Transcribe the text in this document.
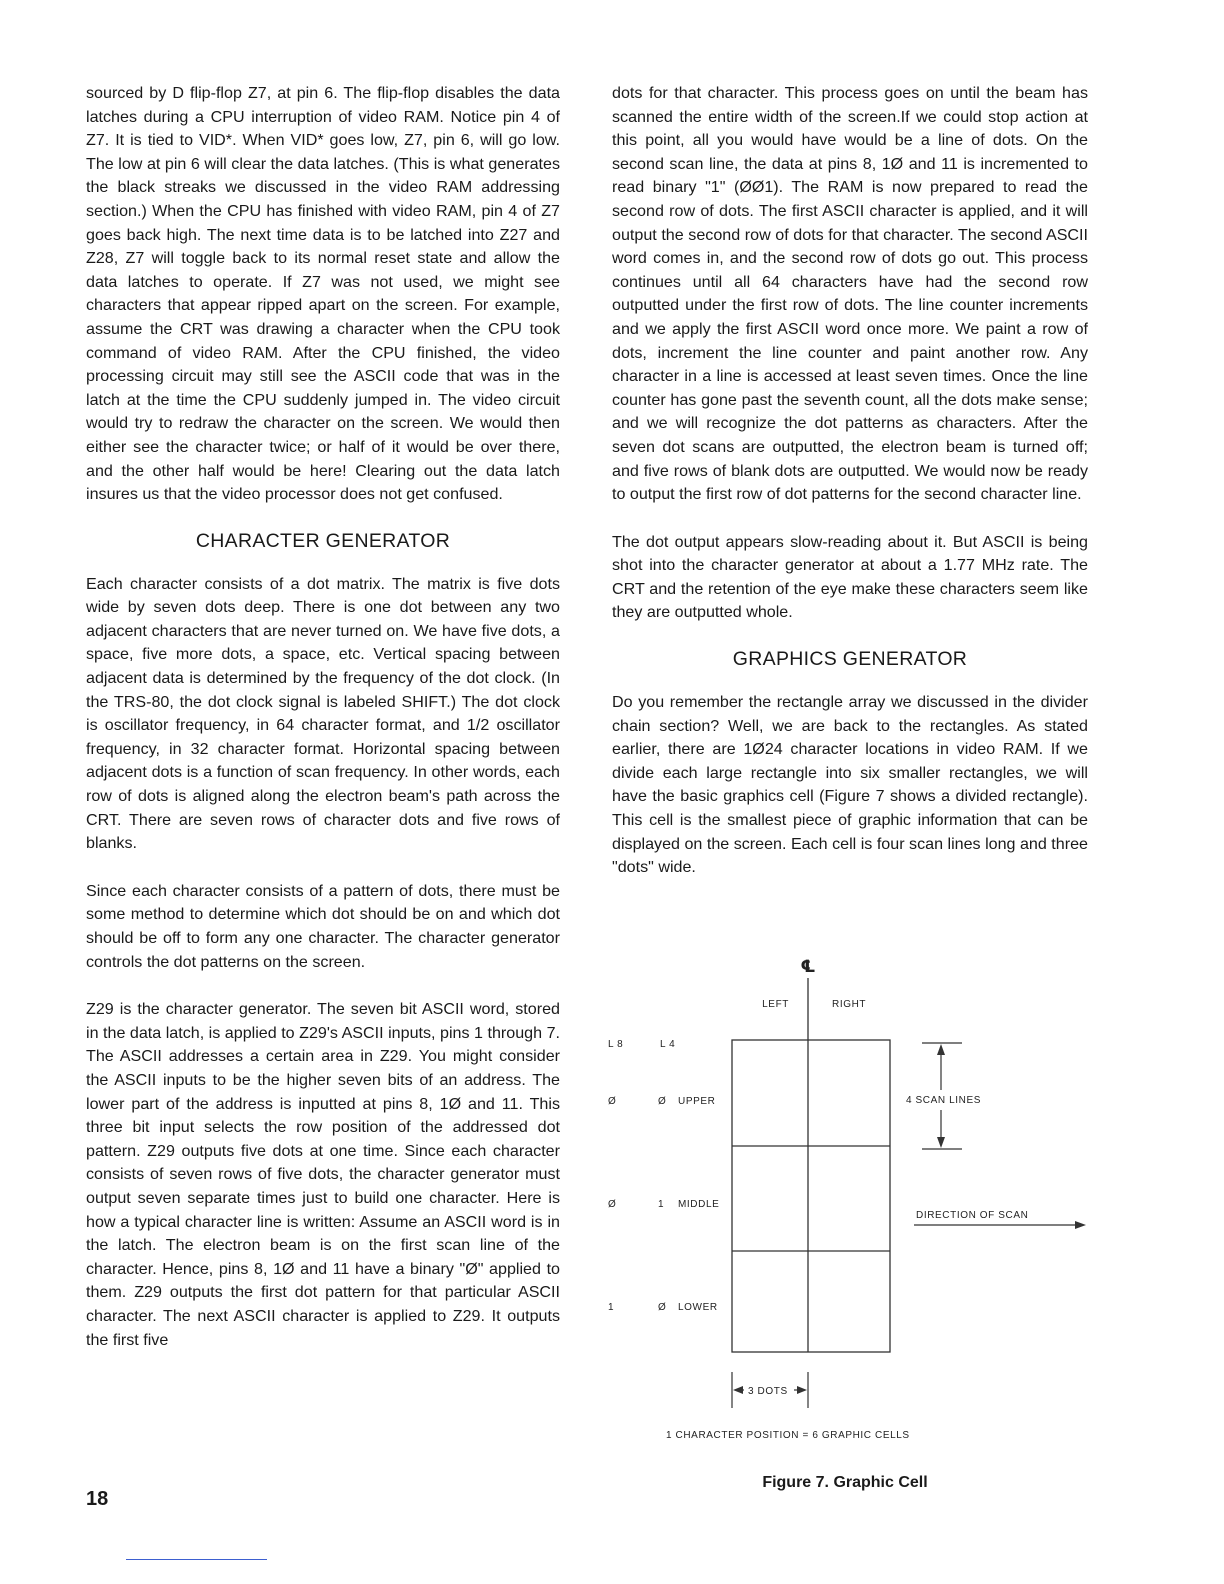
sourced by D flip-flop Z7, at pin 6. The flip-flop disables the data latches during a CPU interruption of video RAM. Notice pin 4 of Z7. It is tied to VID*. When VID* goes low, Z7, pin 6, will go low. The low at pin 6 will clear the data latches. (This is what generates the black streaks we discussed in the video RAM addressing section.) When the CPU has finished with video RAM, pin 4 of Z7 goes back high. The next time data is to be latched into Z27 and Z28, Z7 will toggle back to its normal reset state and allow the data latches to operate. If Z7 was not used, we might see characters that appear ripped apart on the screen. For example, assume the CRT was drawing a character when the CPU took command of video RAM. After the CPU finished, the video processing circuit may still see the ASCII code that was in the latch at the time the CPU suddenly jumped in. The video circuit would try to redraw the character on the screen. We would then either see the character twice; or half of it would be over there, and the other half would be here! Clearing out the data latch insures us that the video processor does not get confused.

CHARACTER GENERATOR

Each character consists of a dot matrix. The matrix is five dots wide by seven dots deep. There is one dot between any two adjacent characters that are never turned on. We have five dots, a space, five more dots, a space, etc. Vertical spacing between adjacent data is determined by the frequency of the dot clock. (In the TRS-80, the dot clock signal is labeled SHIFT.) The dot clock is oscillator frequency, in 64 character format, and 1/2 oscillator frequency, in 32 character format. Horizontal spacing between adjacent dots is a function of scan frequency. In other words, each row of dots is aligned along the electron beam's path across the CRT. There are seven rows of character dots and five rows of blanks.

Since each character consists of a pattern of dots, there must be some method to determine which dot should be on and which dot should be off to form any one character. The character generator controls the dot patterns on the screen.

Z29 is the character generator. The seven bit ASCII word, stored in the data latch, is applied to Z29's ASCII inputs, pins 1 through 7. The ASCII addresses a certain area in Z29. You might consider the ASCII inputs to be the higher seven bits of an address. The lower part of the address is inputted at pins 8, 1Ø and 11. This three bit input selects the row position of the addressed dot pattern. Z29 outputs five dots at one time. Since each character consists of seven rows of five dots, the character generator must output seven separate times just to build one character. Here is how a typical character line is written: Assume an ASCII word is in the latch. The electron beam is on the first scan line of the character. Hence, pins 8, 1Ø and 11 have a binary "Ø" applied to them. Z29 outputs the first dot pattern for that particular ASCII character. The next ASCII character is applied to Z29. It outputs the first five

dots for that character. This process goes on until the beam has scanned the entire width of the screen.If we could stop action at this point, all you would have would be a line of dots. On the second scan line, the data at pins 8, 1Ø and 11 is incremented to read binary "1" (ØØ1). The RAM is now prepared to read the second row of dots. The first ASCII character is applied, and it will output the second row of dots for that character. The second ASCII word comes in, and the second row of dots go out. This process continues until all 64 characters have had the second row outputted under the first row of dots. The line counter increments and we apply the first ASCII word once more. We paint a row of dots, increment the line counter and paint another row. Any character in a line is accessed at least seven times. Once the line counter has gone past the seventh count, all the dots make sense; and we will recognize the dot patterns as characters. After the seven dot scans are outputted, the electron beam is turned off; and five rows of blank dots are outputted. We would now be ready to output the first row of dot patterns for the second character line.

The dot output appears slow-reading about it. But ASCII is being shot into the character generator at about a 1.77 MHz rate. The CRT and the retention of the eye make these characters seem like they are outputted whole.

GRAPHICS GENERATOR

Do you remember the rectangle array we discussed in the divider chain section? Well, we are back to the rectangles. As stated earlier, there are 1Ø24 character locations in video RAM. If we divide each large rectangle into six smaller rectangles, we will have the basic graphics cell (Figure 7 shows a divided rectangle). This cell is the smallest piece of graphic information that can be displayed on the screen. Each cell is four scan lines long and three "dots" wide.

℄
LEFT	RIGHT
L 8	L 4
Ø	Ø UPPER
Ø	1 MIDDLE
1	Ø LOWER
4 SCAN LINES
DIRECTION OF SCAN
3 DOTS
1 CHARACTER POSITION = 6 GRAPHIC CELLS
Figure 7. Graphic Cell
18
